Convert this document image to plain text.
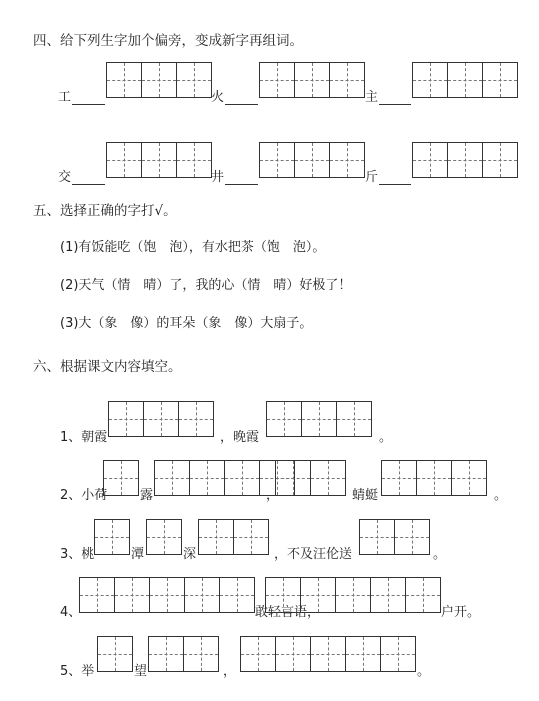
四、给下列生字加个偏旁，变成新字再组词。
工	火	主
交	井	斤
五、选择正确的字打√。
(1)有饭能吃（饱　泡），有水把茶（饱　泡）。
(2)天气（情　晴）了，我的心（情　晴）好极了！
(3)大（象　像）的耳朵（象　像）大扇子。
六、根据课文内容填空。
1、朝霞	，晚霞	。
2、小荷	露	，	蜻蜓	。
3、桃	潭	深	，不及汪伦送	。
4、	敢轻言语，	户开。
5、举	望	，	。
